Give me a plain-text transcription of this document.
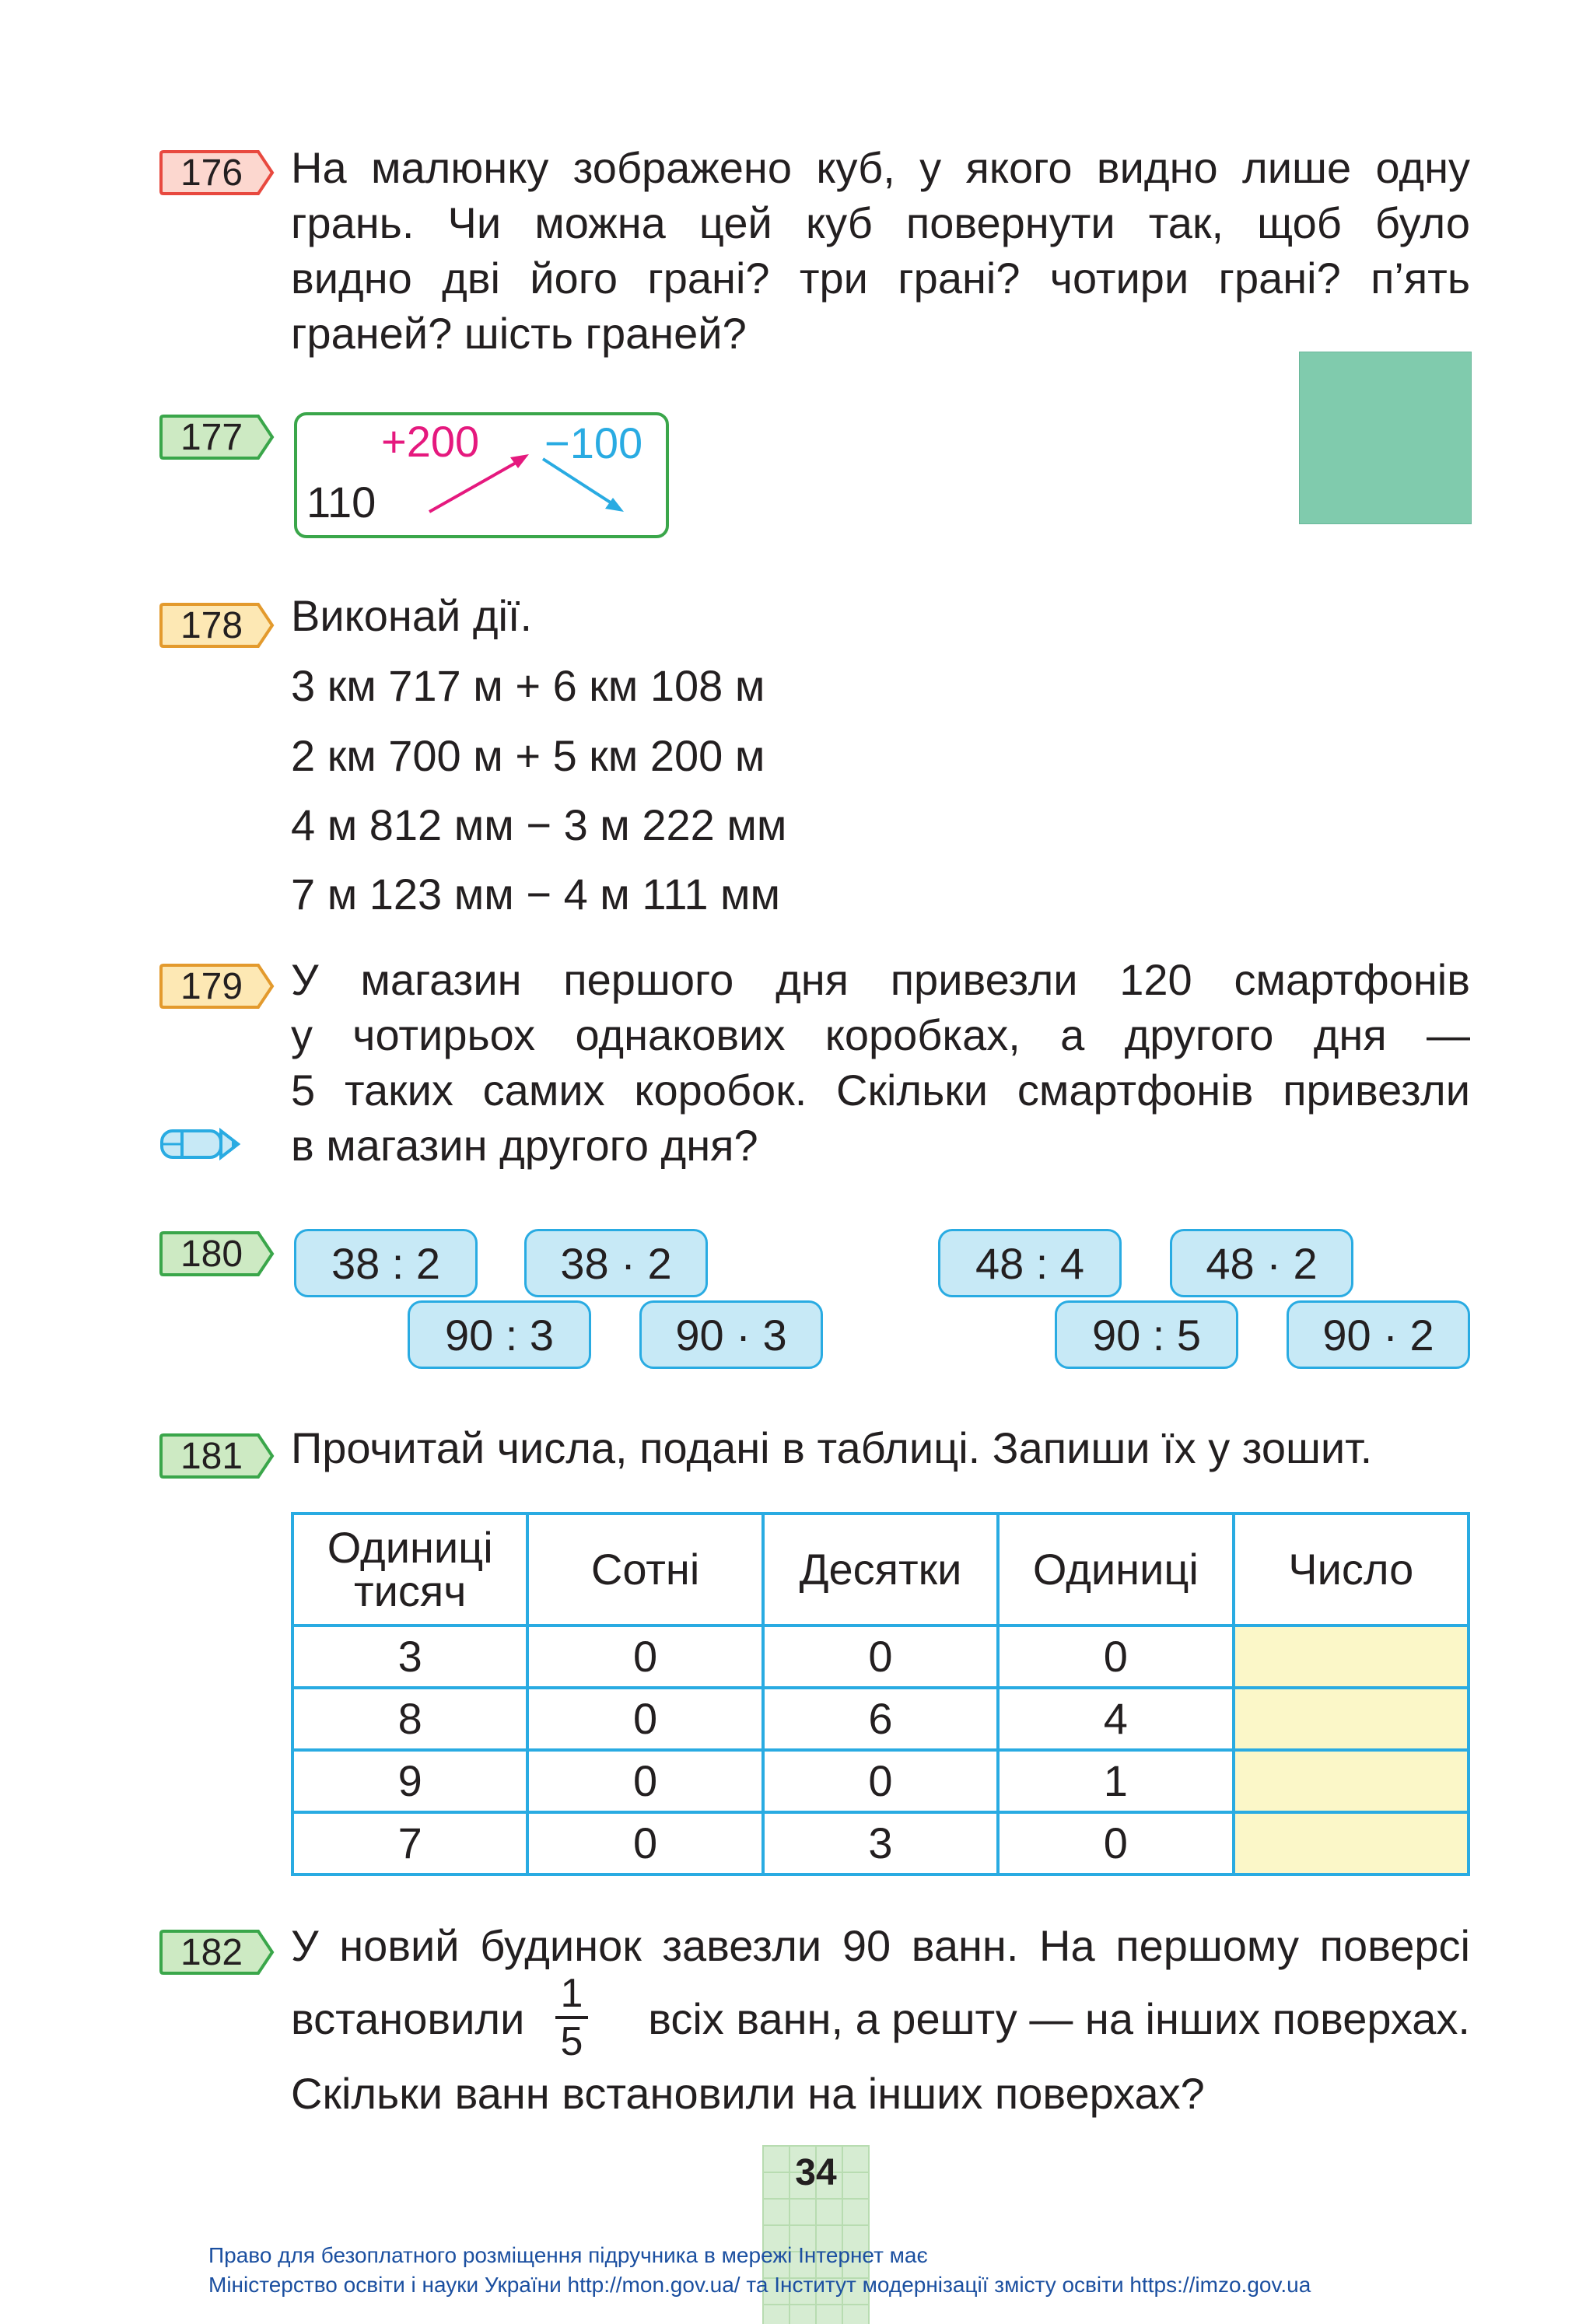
176	На малюнку зображено куб, у якого видно лише одну
грань. Чи можна цей куб повернути так, щоб було
видно дві його грані? три грані? чотири грані? п’ять
граней? шість граней?
177
110
+200 −100
178	Виконай дії.
3 км 717 м + 6 км 108 м
2 км 700 м + 5 км 200 м
4 м 812 мм − 3 м 222 мм
7 м 123 мм − 4 м 111 мм
179	У магазин першого дня привезли 120 смартфонів
у чотирьох однакових коробках, а другого дня —
5 таких самих коробок. Скільки смартфонів привезли
в магазин другого дня?
180	38 : 2	38 · 2
90 : 3	90 · 3
48 : 4	48 · 2
90 : 5	90 · 2
181	Прочитай числа, подані в таблиці. Запиши їх у зошит.
Одиниці тисяч	Сотні	Десятки	Одиниці	Число
3	0	0	0	
8	0	6	4	
9	0	0	1	
7	0	3	0	
182	У новий будинок завезли 90 ванн. На першому поверсі
встановили
1
5 всіх ванн, а решту — на інших поверхах.
Скільки ванн встановили на інших поверхах?
34
Право для безоплатного розміщення підручника в мережі Інтернет має
Міністерство освіти і науки України http://mon.gov.ua/ та Інститут модернізації змісту освіти https://imzo.gov.ua
